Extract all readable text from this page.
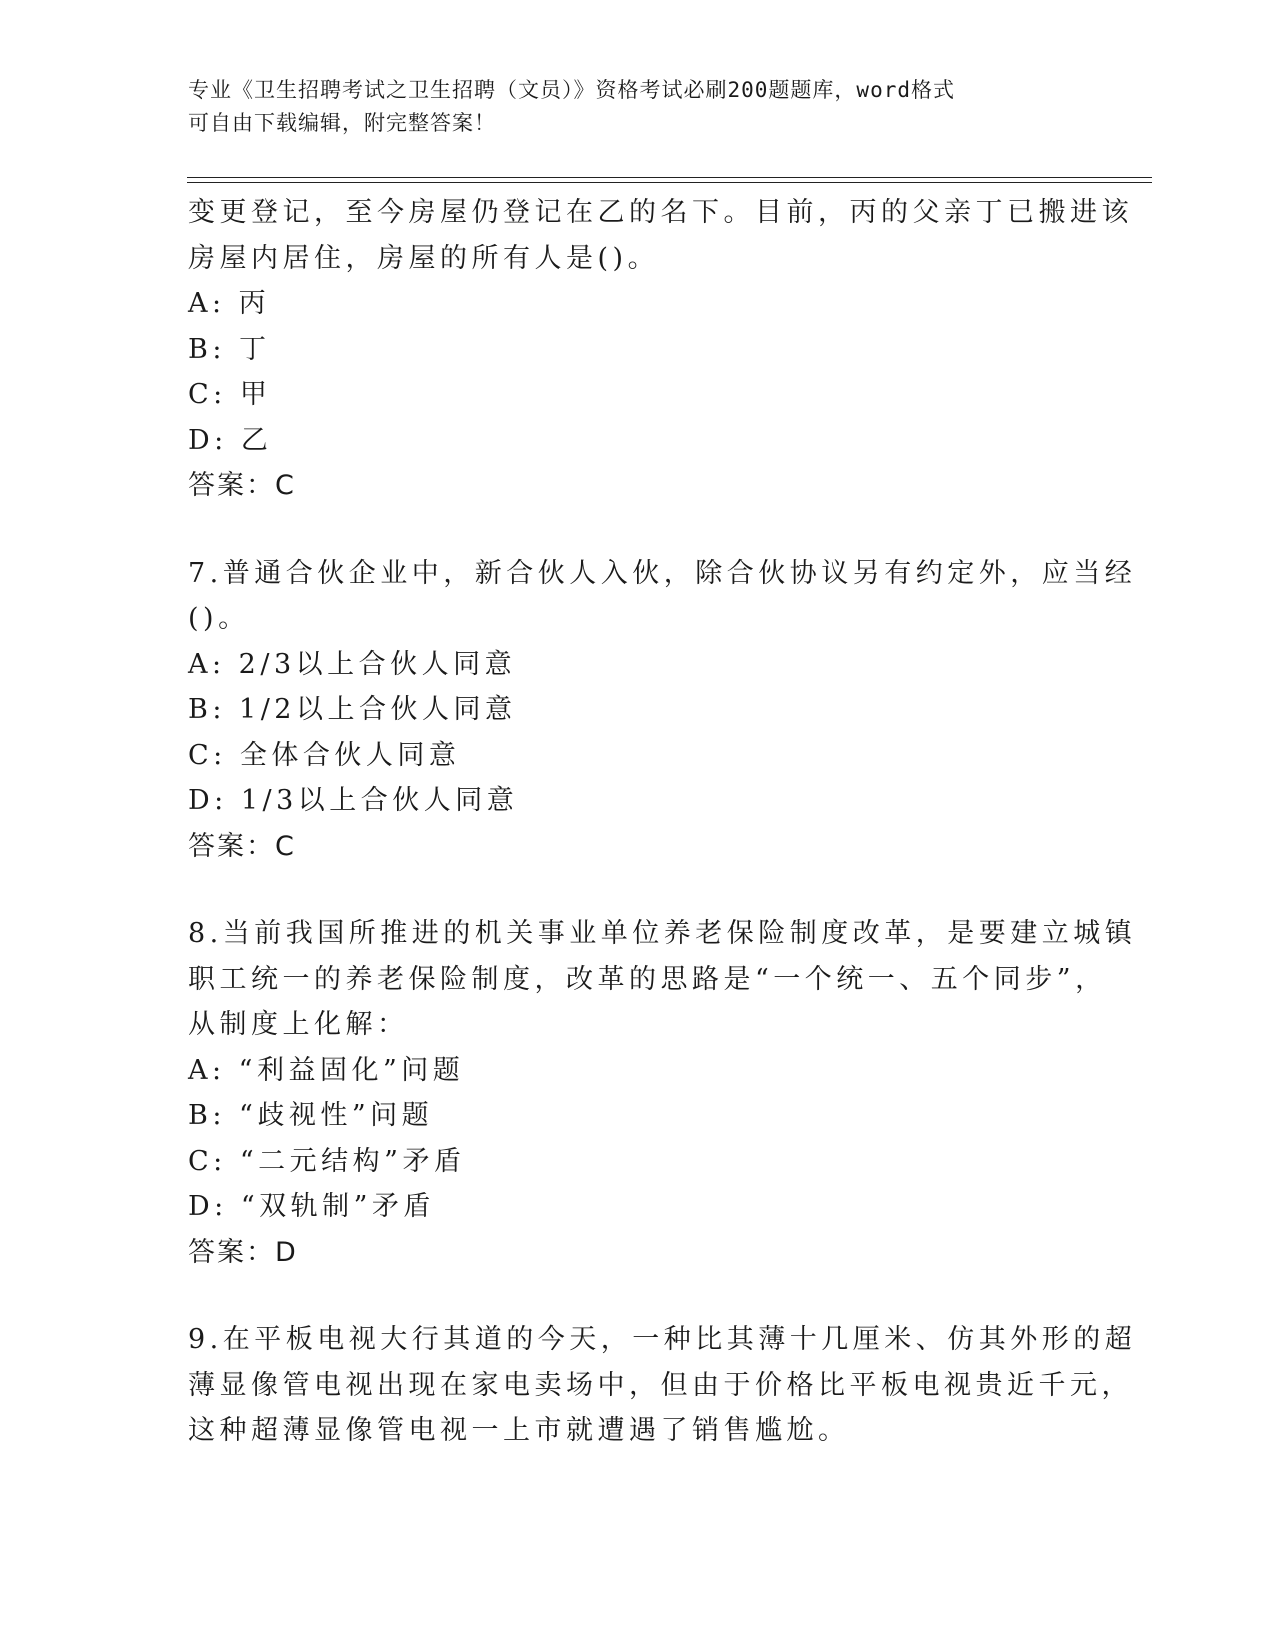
专业《卫生招聘考试之卫生招聘（文员）》资格考试必刷200题题库，word格式
可自由下载编辑，附完整答案！
变更登记，至今房屋仍登记在乙的名下。目前，丙的父亲丁已搬进该
房屋内居住，房屋的所有人是()。
A: 丙
B: 丁
C: 甲
D: 乙
答案：C
7.普通合伙企业中，新合伙人入伙，除合伙协议另有约定外，应当经
()。
A: 2/3以上合伙人同意
B: 1/2以上合伙人同意
C: 全体合伙人同意
D: 1/3以上合伙人同意
答案：C
8.当前我国所推进的机关事业单位养老保险制度改革，是要建立城镇
职工统一的养老保险制度，改革的思路是“一个统一、五个同步”，
从制度上化解：
A: “利益固化”问题
B: “歧视性”问题
C: “二元结构”矛盾
D: “双轨制”矛盾
答案：D
9.在平板电视大行其道的今天，一种比其薄十几厘米、仿其外形的超
薄显像管电视出现在家电卖场中，但由于价格比平板电视贵近千元，
这种超薄显像管电视一上市就遭遇了销售尴尬。
